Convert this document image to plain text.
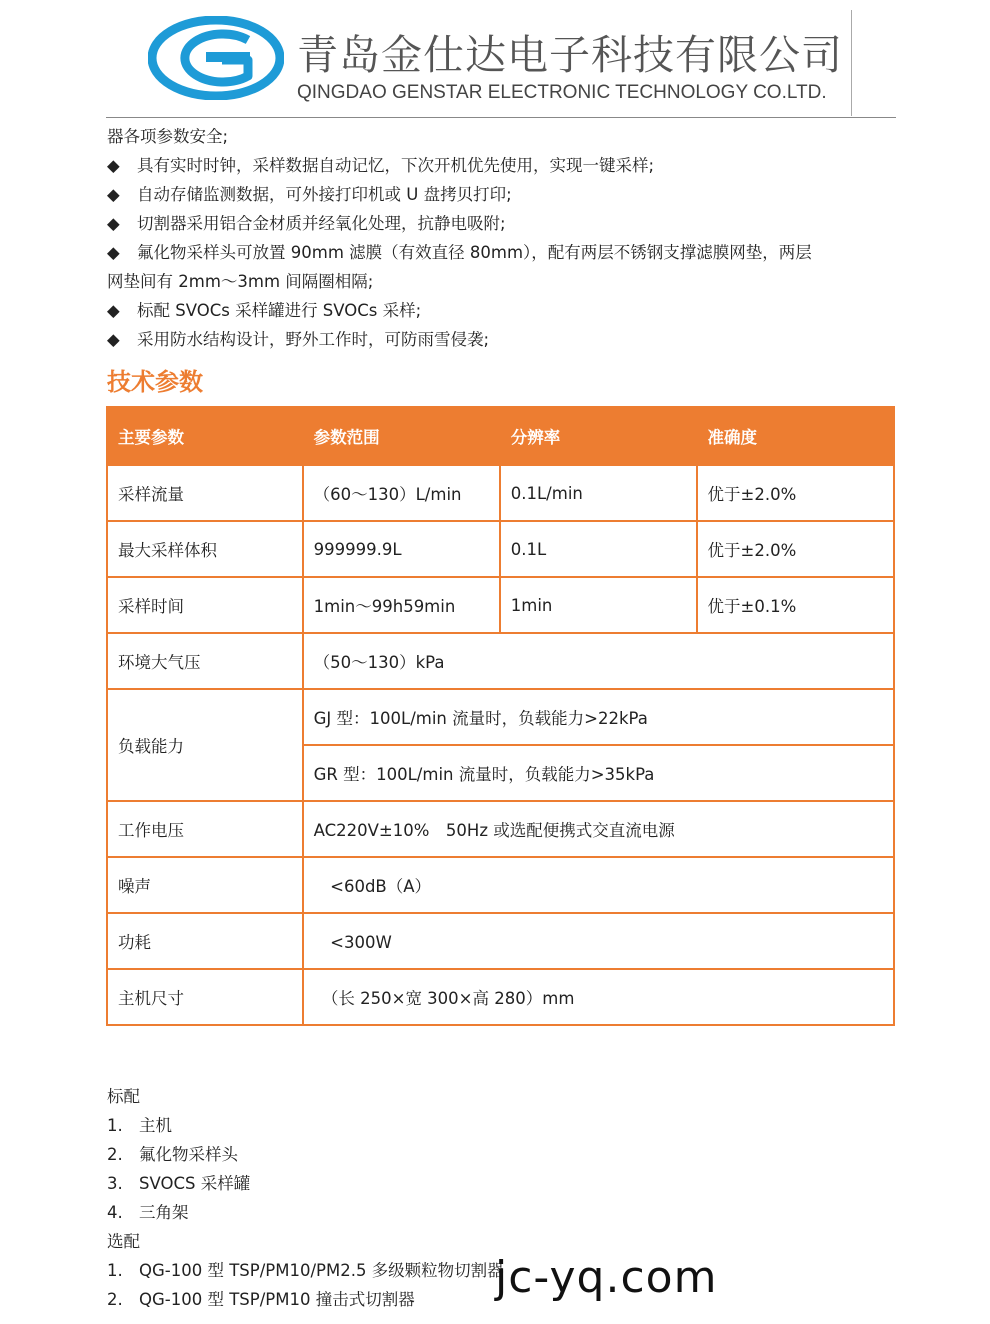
青岛金仕达电子科技有限公司
QINGDAO GENSTAR ELECTRONIC TECHNOLOGY CO.LTD.

器各项参数安全;

◆ 具有实时时钟，采样数据自动记忆，下次开机优先使用，实现一键采样;

◆ 自动存储监测数据，可外接打印机或 U 盘拷贝打印;

◆ 切割器采用铝合金材质并经氧化处理，抗静电吸附;

◆ 氟化物采样头可放置 90mm 滤膜（有效直径 80mm），配有两层不锈钢支撑滤膜网垫，两层

网垫间有 2mm～3mm 间隔圈相隔;

◆ 标配 SVOCs 采样罐进行 SVOCs 采样;

◆ 采用防水结构设计，野外工作时，可防雨雪侵袭;

技术参数
主要参数	参数范围	分辨率	准确度
采样流量	（60～130）L/min	0.1L/min	优于±2.0%
最大采样体积	999999.9L	0.1L	优于±2.0%
采样时间	1min～99h59min	1min	优于±0.1%
环境大气压	（50～130）kPa		
负载能力	GJ 型：100L/min 流量时，负载能力>22kPa		
	GR 型：100L/min 流量时，负载能力>35kPa		
工作电压	AC220V±10%　50Hz 或选配便携式交直流电源		
噪声	　<60dB（A）		
功耗	　<300W		
主机尺寸	　（长 250×宽 300×高 280）mm		

标配

1. 主机

2. 氟化物采样头

3. SVOCS 采样罐

4. 三角架

选配

1. QG-100 型 TSP/PM10/PM2.5 多级颗粒物切割器

2. QG-100 型 TSP/PM10 撞击式切割器	jc-yq.com
